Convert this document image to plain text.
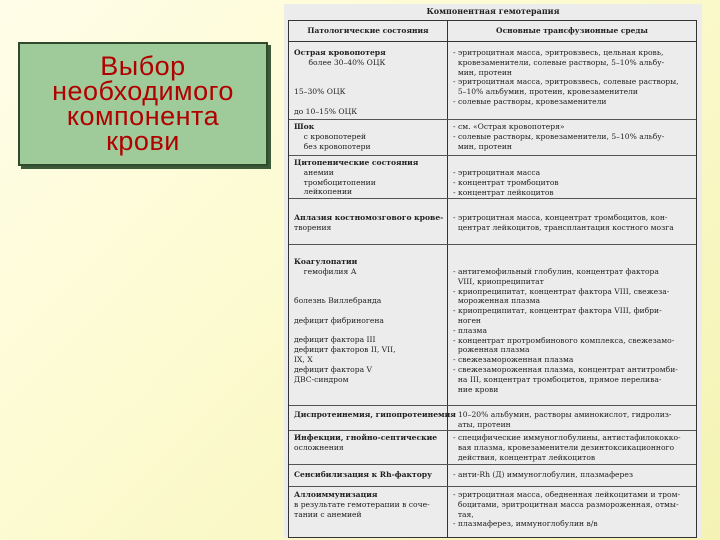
Выбор
необходимого
компонента
крови
Компонентная гемотерапия
Патологические состояния	Основные трансфузионные среды
Острая кровопотеря
более 30–40% ОЦК

15–30% ОЦК

до 10–15% ОЦК
- эритроцитная масса, эритровзвесь, цельная кровь,
кровезаменители, солевые растворы, 5–10% альбу-
мин, протеин
- эритроцитная масса, эритровзвесь, солевые растворы,
5–10% альбумин, протеин, кровезаменители
- солевые растворы, кровезаменители
Шок
с кровопотерей
без кровопотери
- см. «Острая кровопотеря»
- солевые растворы, кровезаменители, 5–10% альбу-
мин, протеин
Цитопенические состояния
анемии
тромбоцитопении
лейкопении
- эритроцитная масса
- концентрат тромбоцитов
- концентрат лейкоцитов
Аплазия костномозгового крове-
творения
- эритроцитная масса, концентрат тромбоцитов, кон-
центрат лейкоцитов, трансплантация костного мозга
Коагулопатии
гемофилия А

болезнь Виллебранда

дефицит фибриногена

дефицит фактора III
дефицит факторов II, VII,
IX, X
дефицит фактора V
ДВС-синдром
- антигемофильный глобулин, концентрат фактора
VIII, криопреципитат
- криопреципитат, концентрат фактора VIII, свежеза-
мороженная плазма
- криопреципитат, концентрат фактора VIII, фибри-
ноген
- плазма
- концентрат протромбинового комплекса, свежезамо-
роженная плазма
- свежезамороженная плазма
- свежезамороженная плазма, концентрат антитромби-
на III, концентрат тромбоцитов, прямое перелива-
ние крови
Диспротеинемия, гипопротеинемия
- 10–20% альбумин, растворы аминокислот, гидролиз-
аты, протеин
Инфекции, гнойно-септические
осложнения
- специфические иммуноглобулины, антистафилококко-
вая плазма, кровезаменители дезинтоксикационного
действия, концентрат лейкоцитов
Сенсибилизация к Rh-фактору	- анти-Rh (Д) иммуноглобулин, плазмаферез
Аллоиммунизация
в результате гемотерапии в соче-
тании с анемией
- эритроцитная масса, обедненная лейкоцитами и тром-
боцитами, эритроцитная масса размороженная, отмы-
тая,
- плазмаферез, иммуноглобулин в/в
